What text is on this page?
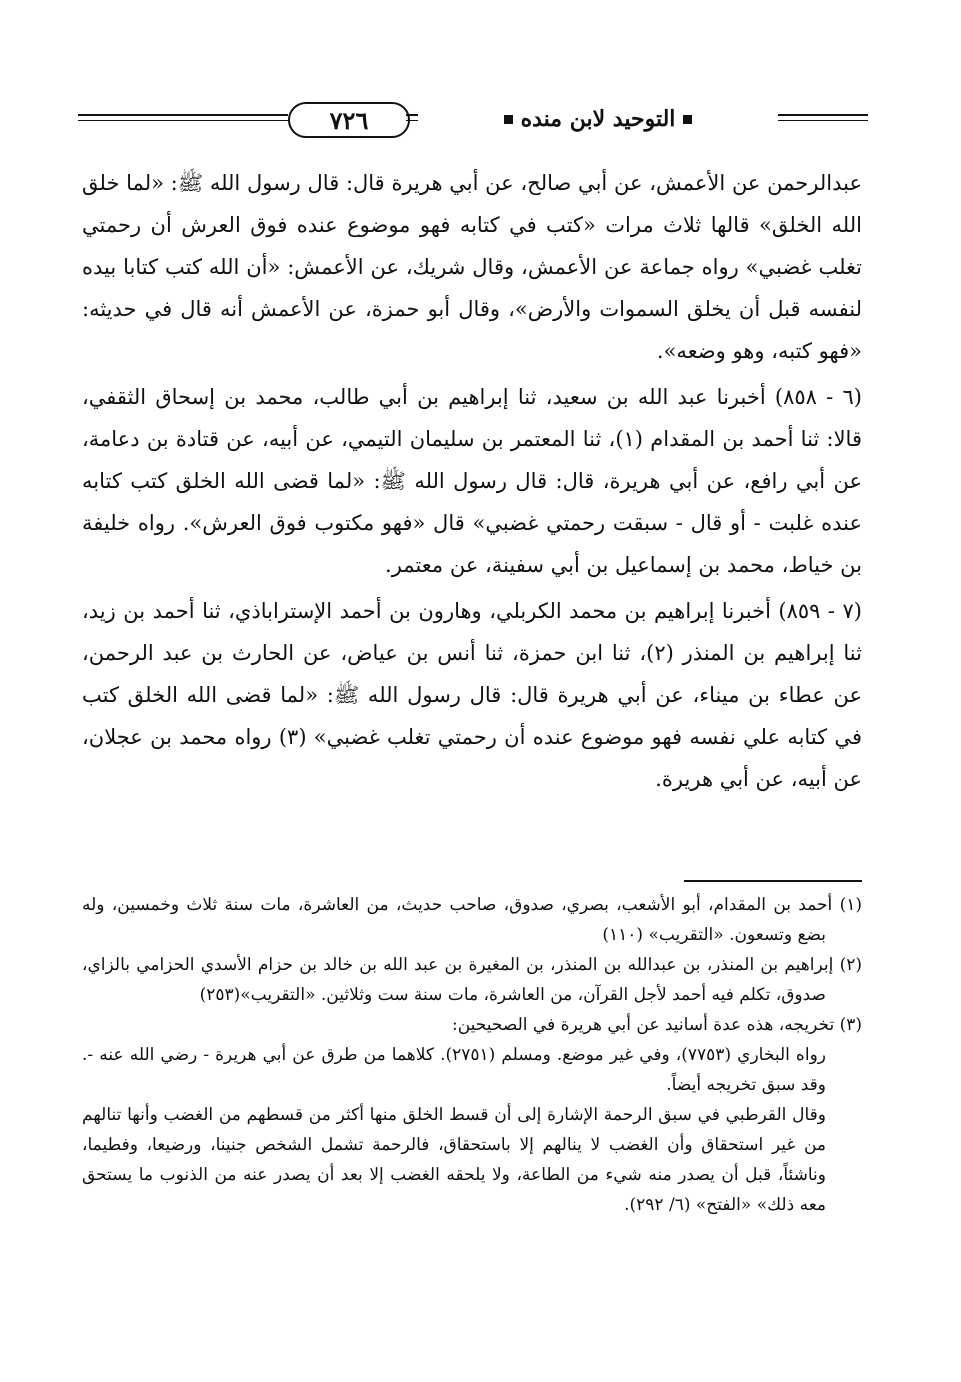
٧٢٦	التوحيد لابن منده

عبدالرحمن عن الأعمش، عن أبي صالح، عن أبي هريرة قال: قال رسول الله ﷺ: «لما خلق الله الخلق» قالها ثلاث مرات «كتب في كتابه فهو موضوع عنده فوق العرش أن رحمتي تغلب غضبي» رواه جماعة عن الأعمش، وقال شريك، عن الأعمش: «أن الله كتب كتابا بيده لنفسه قبل أن يخلق السموات والأرض»، وقال أبو حمزة، عن الأعمش أنه قال في حديثه: «فهو كتبه، وهو وضعه».

(٦ - ٨٥٨) أخبرنا عبد الله بن سعيد، ثنا إبراهيم بن أبي طالب، محمد بن إسحاق الثقفي، قالا: ثنا أحمد بن المقدام (١)، ثنا المعتمر بن سليمان التيمي، عن أبيه، عن قتادة بن دعامة، عن أبي رافع، عن أبي هريرة، قال: قال رسول الله ﷺ: «لما قضى الله الخلق كتب كتابه عنده غلبت - أو قال - سبقت رحمتي غضبي» قال «فهو مكتوب فوق العرش». رواه خليفة بن خياط، محمد بن إسماعيل بن أبي سفينة، عن معتمر.

(٧ - ٨٥٩) أخبرنا إبراهيم بن محمد الكربلي، وهارون بن أحمد الإستراباذي، ثنا أحمد بن زيد، ثنا إبراهيم بن المنذر (٢)، ثنا ابن حمزة، ثنا أنس بن عياض، عن الحارث بن عبد الرحمن، عن عطاء بن ميناء، عن أبي هريرة قال: قال رسول الله ﷺ: «لما قضى الله الخلق كتب في كتابه علي نفسه فهو موضوع عنده أن رحمتي تغلب غضبي» (٣) رواه محمد بن عجلان، عن أبيه، عن أبي هريرة.

(١) أحمد بن المقدام، أبو الأشعب، بصري، صدوق، صاحب حديث، من العاشرة، مات سنة ثلاث وخمسين، وله بضع وتسعون. «التقريب» (١١٠)

(٢) إبراهيم بن المنذر، بن عبدالله بن المنذر، بن المغيرة بن عبد الله بن خالد بن حزام الأسدي الحزامي بالزاي، صدوق، تكلم فيه أحمد لأجل القرآن، من العاشرة، مات سنة ست وثلاثين. «التقريب»(٢٥٣)

(٣) تخريجه، هذه عدة أسانيد عن أبي هريرة في الصحيحين:

رواه البخاري (٧٧٥٣)، وفي غير موضع. ومسلم (٢٧٥١). كلاهما من طرق عن أبي هريرة - رضي الله عنه -. وقد سبق تخريجه أيضاً.

وقال القرطبي في سبق الرحمة الإشارة إلى أن قسط الخلق منها أكثر من قسطهم من الغضب وأنها تنالهم من غير استحقاق وأن الغضب لا ينالهم إلا باستحقاق، فالرحمة تشمل الشخص جنينا، ورضيعا، وفطيما، وناشئاً، قبل أن يصدر منه شيء من الطاعة، ولا يلحقه الغضب إلا بعد أن يصدر عنه من الذنوب ما يستحق معه ذلك» «الفتح» (٦/ ٢٩٢).
